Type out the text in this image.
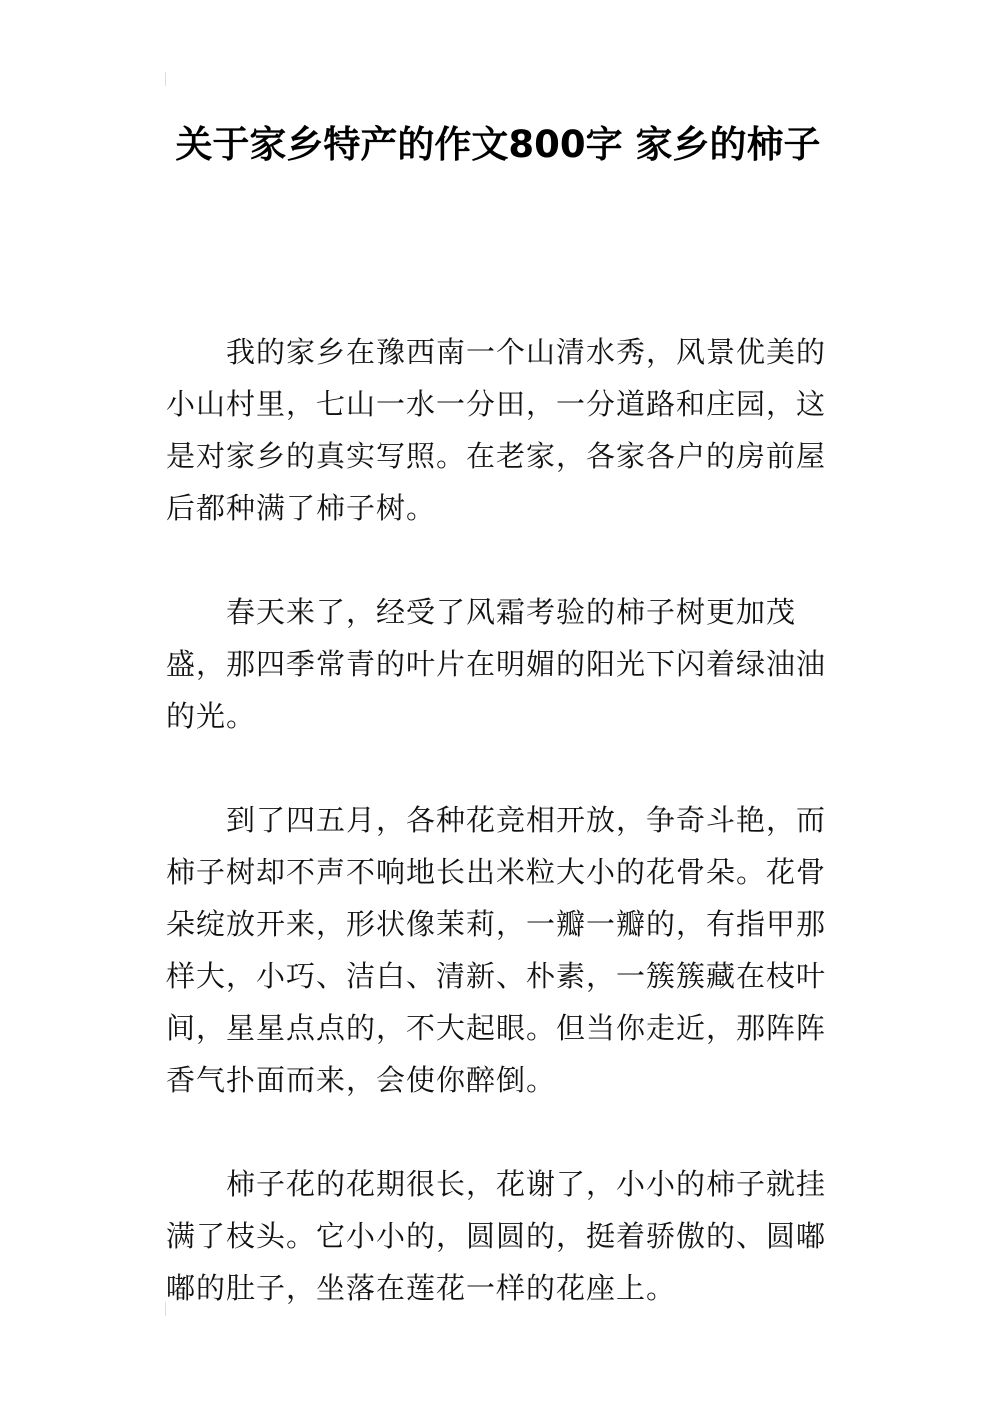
关于家乡特产的作文800字 家乡的柿子

我的家乡在豫西南一个山清水秀，风景优美的小山村里，七山一水一分田，一分道路和庄园，这是对家乡的真实写照。在老家，各家各户的房前屋后都种满了柿子树。

春天来了，经受了风霜考验的柿子树更加茂盛，那四季常青的叶片在明媚的阳光下闪着绿油油的光。

到了四五月，各种花竞相开放，争奇斗艳，而柿子树却不声不响地长出米粒大小的花骨朵。花骨朵绽放开来，形状像茉莉，一瓣一瓣的，有指甲那样大，小巧、洁白、清新、朴素，一簇簇藏在枝叶间，星星点点的，不大起眼。但当你走近，那阵阵香气扑面而来，会使你醉倒。

柿子花的花期很长，花谢了，小小的柿子就挂满了枝头。它小小的，圆圆的，挺着骄傲的、圆嘟嘟的肚子，坐落在莲花一样的花座上。
